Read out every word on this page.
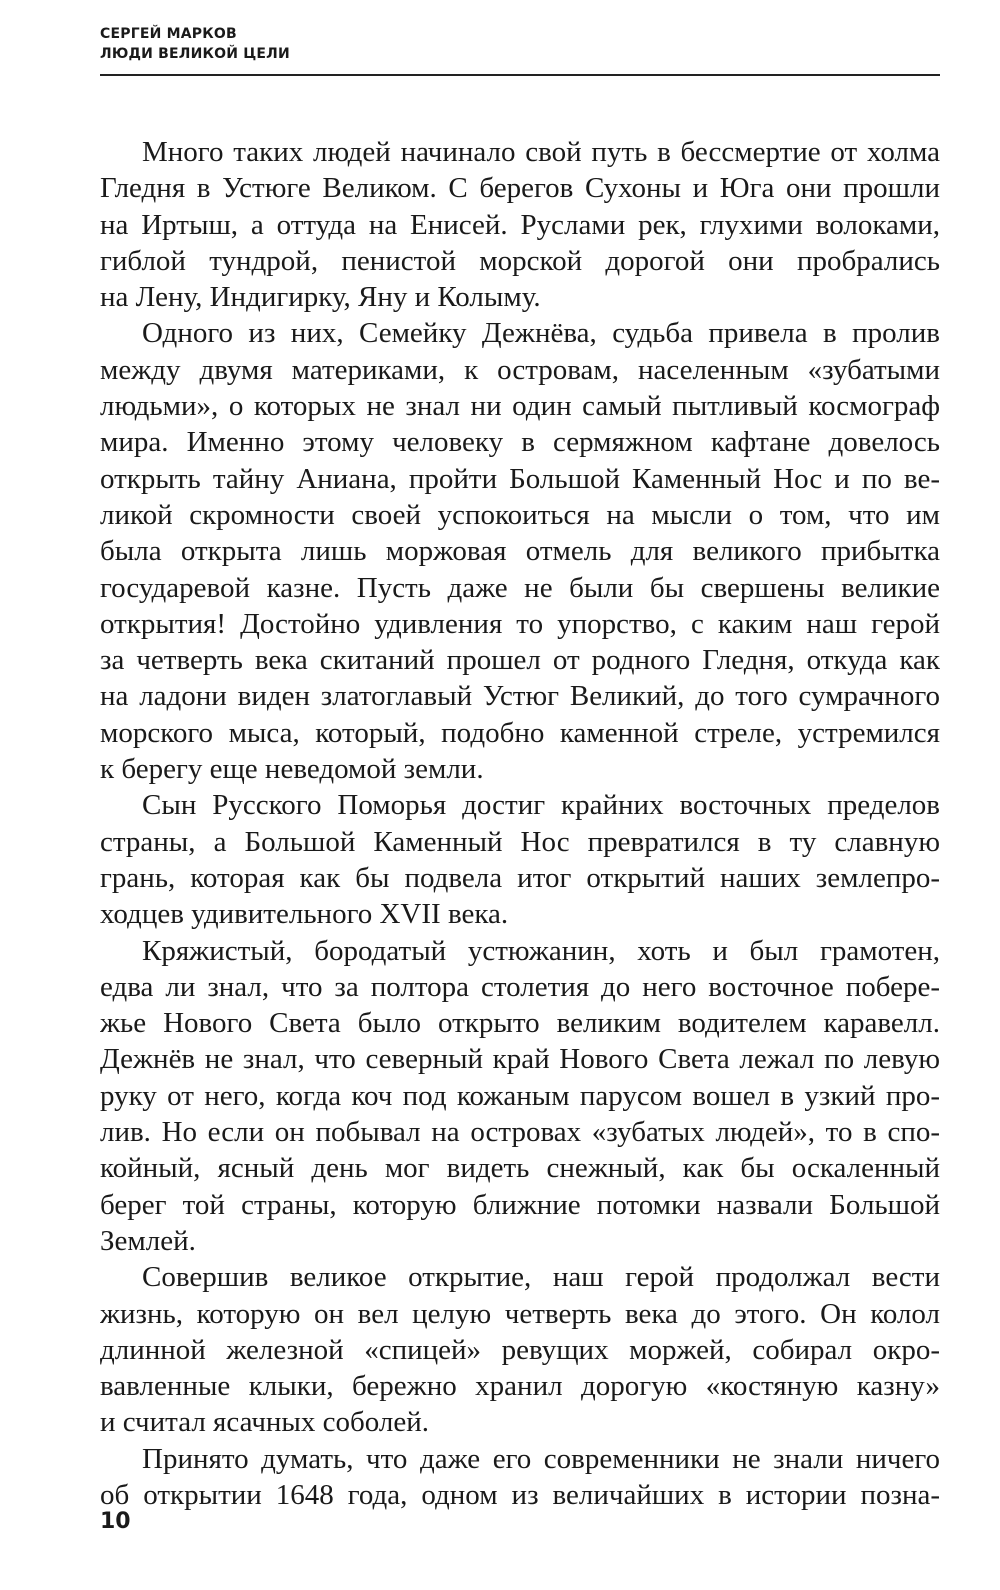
СЕРГЕЙ МАРКОВ
ЛЮДИ ВЕЛИКОЙ ЦЕЛИ

Много таких людей начинало свой путь в бессмертие от холма
Гледня в Устюге Великом. С берегов Сухоны и Юга они прошли
на Иртыш, а оттуда на Енисей. Руслами рек, глухими волоками,
гиблой тундрой, пенистой морской дорогой они пробрались
на Лену, Индигирку, Яну и Колыму.

Одного из них, Семейку Дежнёва, судьба привела в пролив
между двумя материками, к островам, населенным «зубатыми
людьми», о которых не знал ни один самый пытливый космограф
мира. Именно этому человеку в сермяжном кафтане довелось
открыть тайну Аниана, пройти Большой Каменный Нос и по ве-
ликой скромности своей успокоиться на мысли о том, что им
была открыта лишь моржовая отмель для великого прибытка
государевой казне. Пусть даже не были бы свершены великие
открытия! Достойно удивления то упорство, с каким наш герой
за четверть века скитаний прошел от родного Гледня, откуда как
на ладони виден златоглавый Устюг Великий, до того сумрачного
морского мыса, который, подобно каменной стреле, устремился
к берегу еще неведомой земли.

Сын Русского Поморья достиг крайних восточных пределов
страны, а Большой Каменный Нос превратился в ту славную
грань, которая как бы подвела итог открытий наших землепро-
ходцев удивительного XVII века.

Кряжистый, бородатый устюжанин, хоть и был грамотен,
едва ли знал, что за полтора столетия до него восточное побере-
жье Нового Света было открыто великим водителем каравелл.
Дежнёв не знал, что северный край Нового Света лежал по левую
руку от него, когда коч под кожаным парусом вошел в узкий про-
лив. Но если он побывал на островах «зубатых людей», то в спо-
койный, ясный день мог видеть снежный, как бы оскаленный
берег той страны, которую ближние потомки назвали Большой
Землей.

Совершив великое открытие, наш герой продолжал вести
жизнь, которую он вел целую четверть века до этого. Он колол
длинной железной «спицей» ревущих моржей, собирал окро-
вавленные клыки, бережно хранил дорогую «костяную казну»
и считал ясачных соболей.

Принято думать, что даже его современники не знали ничего
об открытии 1648 года, одном из величайших в истории позна-

10
